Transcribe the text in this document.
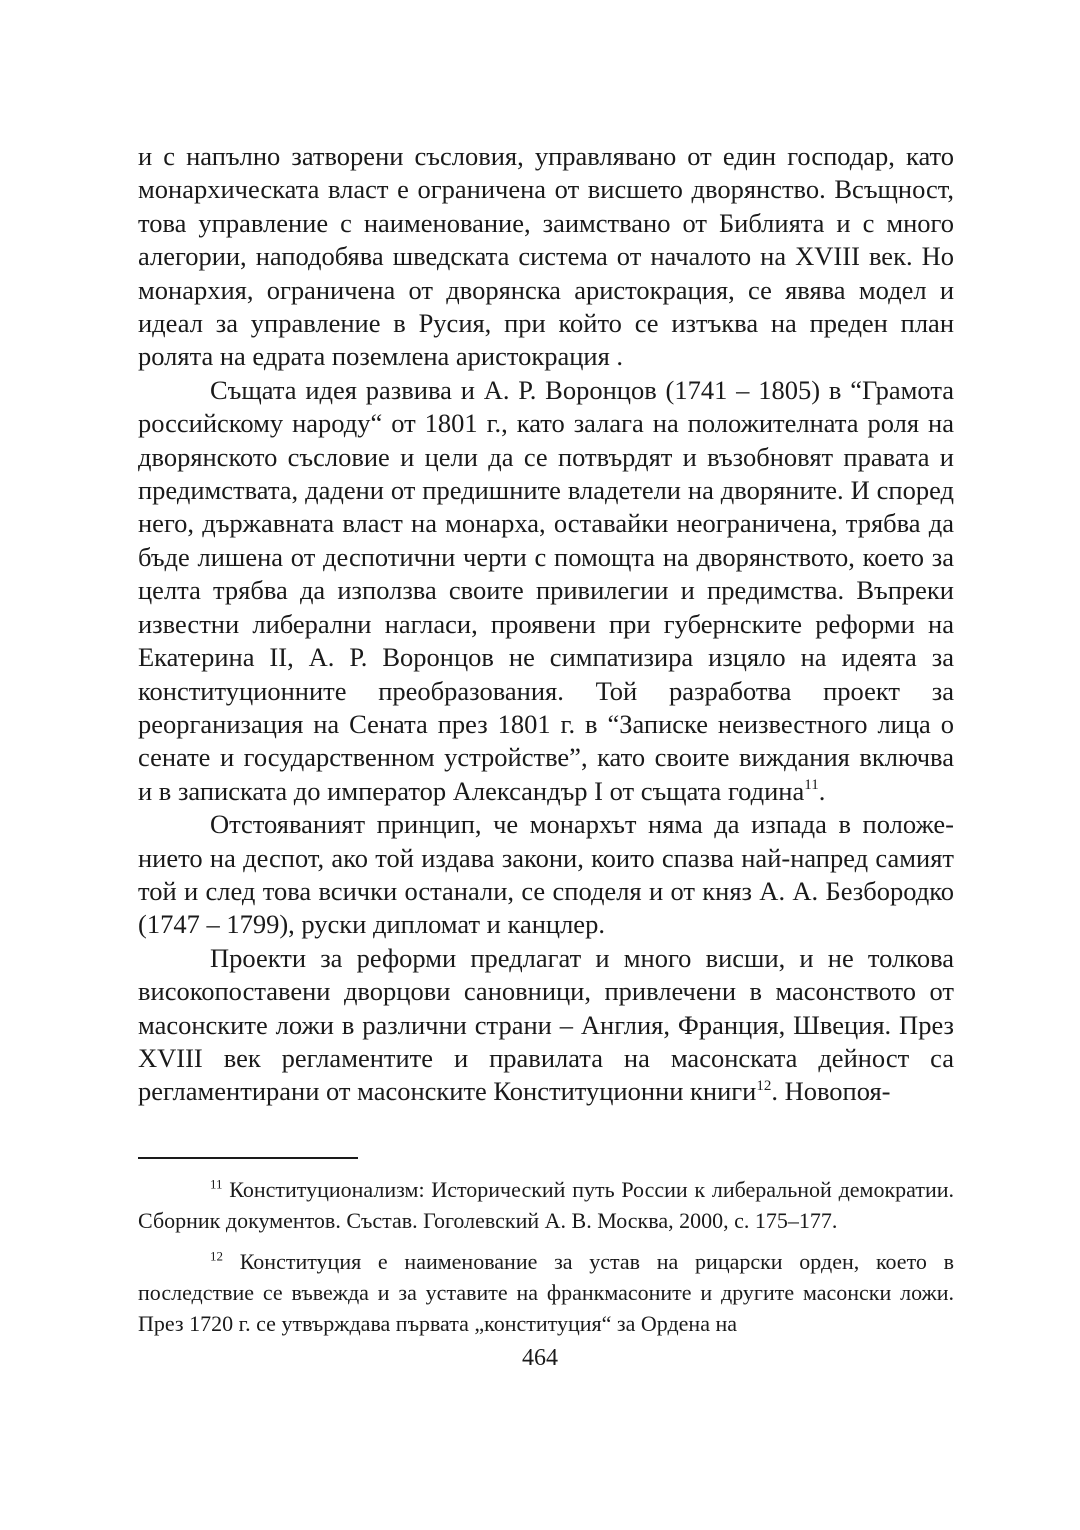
и с напълно затворени съсловия, управлявано от един господар, като монархическата власт е ограничена от висшето дворянство. Всъщност, това управление с наименование, заимствано от Библията и с много алегории, наподобява шведската система от началото на XVIII век. Но монархия, ограничена от дворянска аристокрация, се явява модел и идеал за управление в Русия, при който се изтъква на преден план ролята на едрата поземлена аристокрация .

Същата идея развива и А. Р. Воронцов (1741 – 1805) в “Грамота российскому народу“ от 1801 г., като залага на положителната роля на дворянското съсловие и цели да се потвърдят и възобновят правата и предимствата, дадени от предишните владетели на дворяните. И според него, държавната власт на монарха, оставайки неограничена, трябва да бъде лишена от деспотични черти с помощта на дворянството, което за целта трябва да използва своите привилегии и предимства. Въпреки известни либерални нагласи, проявени при губернските реформи на Екатерина II, А. Р. Воронцов не симпатизира изцяло на идеята за конституционните преобразования. Той разработва проект за реорганизация на Сената през 1801 г. в “Записке неизвестного лица о сенате и государственном устройстве”, като своите виждания включва и в записката до император Александър I от същата година$^{11}$.

Отстояваният принцип, че монархът няма да изпада в положението на деспот, ако той издава закони, които спазва най-напред самият той и след това всички останали, се споделя и от княз А. А. Безбородко (1747 – 1799), руски дипломат и канцлер.

Проекти за реформи предлагат и много висши, и не толкова високопоставени дворцови сановници, привлечени в масонството от масонските ложи в различни страни – Англия, Франция, Швеция. През XVIII век регламентите и правилата на масонската дейност са регламентирани от масонските Конституционни книги$^{12}$. Новопоя-

$^{11}$ Конституционализм: Исторический путь России к либеральной демократии. Сборник документов. Състав. Гоголевский А. В. Москва, 2000, с. 175–177.

$^{12}$ Конституция е наименование за устав на рицарски орден, което в последствие се въвежда и за уставите на франкмасоните и другите масонски ложи. През 1720 г. се утвърждава първата „конституция“ за Ордена на

464
